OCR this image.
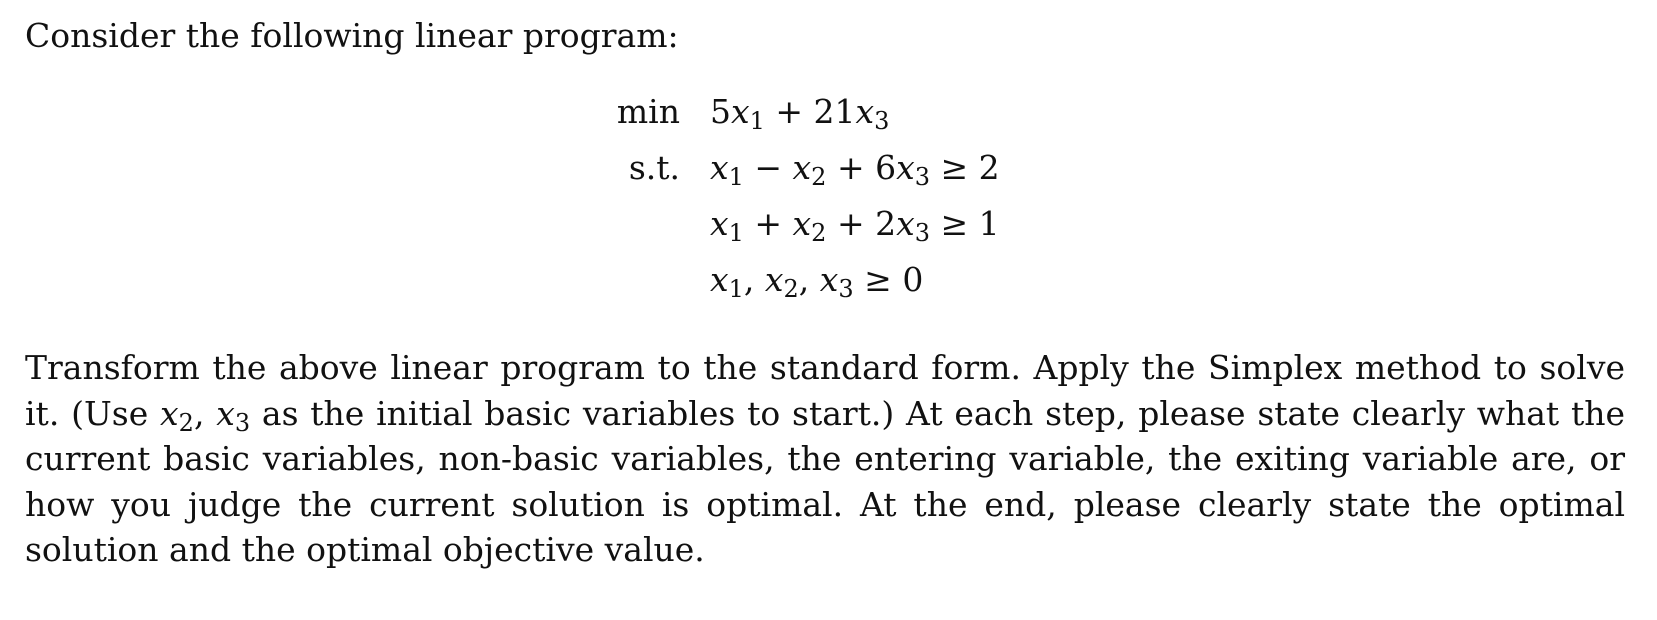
Consider the following linear program:
$\min 5x_1 + 21x_3$
s.t. $x_1 - x_2 + 6x_3 \ge 2$
$x_1 + x_2 + 2x_3 \ge 1$
$x_1$, $x_2$, $x_3 \ge 0$
Transform the above linear program to the standard form. Apply the Simplex method to solve it. (Use $x_2$, $x_3$ as the initial basic variables to start.) At each step, please state clearly what the current basic variables, non-basic variables, the entering variable, the exiting variable are, or how you judge the current solution is optimal. At the end, please clearly state the optimal solution and the optimal objective value.
